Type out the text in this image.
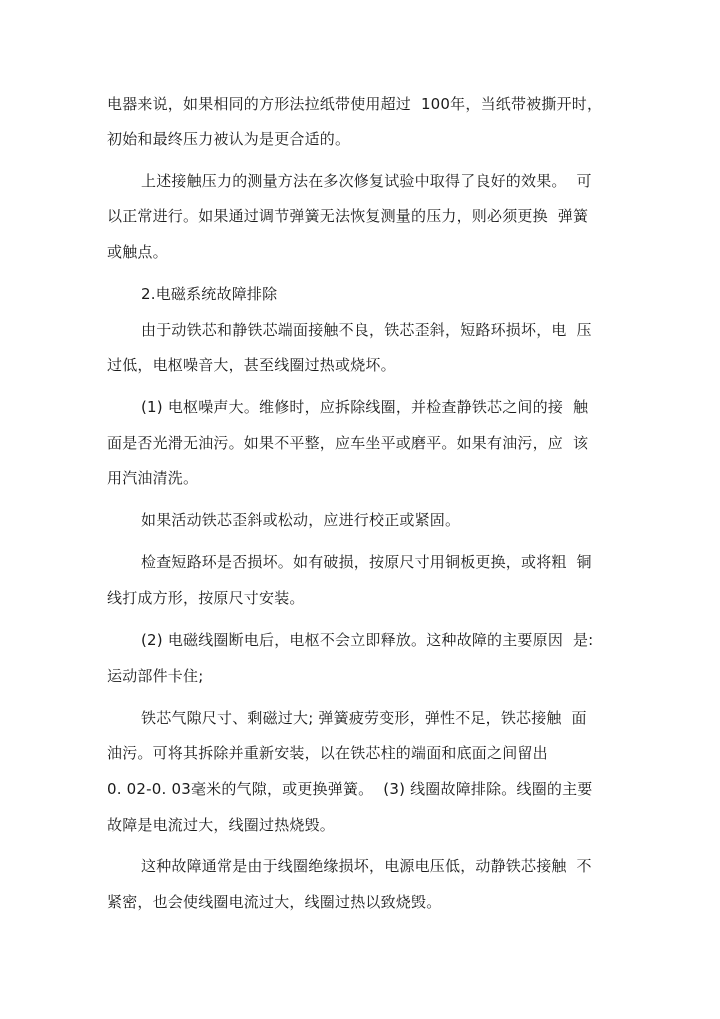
电器来说，如果相同的方形法拉纸带使用超过  100年，当纸带被撕开时，
初始和最终压力被认为是更合适的。
上述接触压力的测量方法在多次修复试验中取得了良好的效果。  可
以正常进行。如果通过调节弹簧无法恢复测量的压力，则必须更换  弹簧
或触点。
2.电磁系统故障排除
由于动铁芯和静铁芯端面接触不良，铁芯歪斜，短路环损坏，电  压
过低，电枢噪音大，甚至线圈过热或烧坏。
(1) 电枢噪声大。维修时，应拆除线圈，并检查静铁芯之间的接  触
面是否光滑无油污。如果不平整，应车坐平或磨平。如果有油污，应  该
用汽油清洗。
如果活动铁芯歪斜或松动，应进行校正或紧固。
检查短路环是否损坏。如有破损，按原尺寸用铜板更换，或将粗  铜
线打成方形，按原尺寸安装。
(2) 电磁线圈断电后，电枢不会立即释放。这种故障的主要原因  是:
运动部件卡住;
铁芯气隙尺寸、剩磁过大; 弹簧疲劳变形，弹性不足，铁芯接触  面
油污。可将其拆除并重新安装，以在铁芯柱的端面和底面之间留出
0. 02-0. 03毫米的气隙，或更换弹簧。  (3) 线圈故障排除。线圈的主要
故障是电流过大，线圈过热烧毁。
这种故障通常是由于线圈绝缘损坏，电源电压低，动静铁芯接触  不
紧密，也会使线圈电流过大，线圈过热以致烧毁。
